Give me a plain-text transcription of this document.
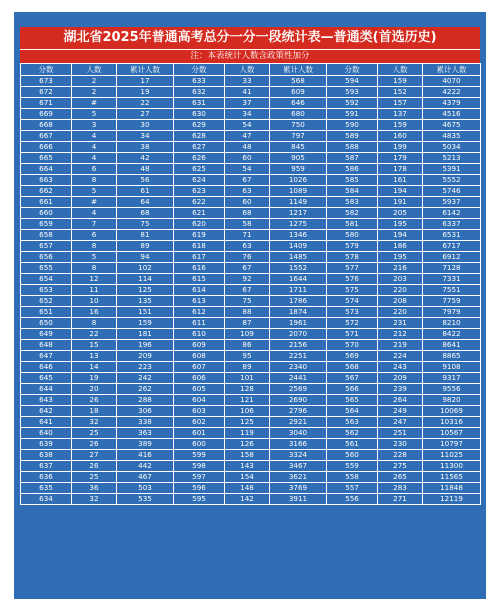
湖北省2025年普通高考总分一分一段统计表—普通类(首选历史)
注：本表统计人数含政策性加分
分数	人数	累计人数	分数	人数	累计人数	分数	人数	累计人数
673	2	17	633	33	568	594	159	4070
672	2	19	632	41	609	593	152	4222
671	#	22	631	37	646	592	157	4379
669	5	27	630	34	680	591	137	4516
668	3	30	629	54	750	590	159	4675
667	4	34	628	47	797	589	160	4835
666	4	38	627	48	845	588	199	5034
665	4	42	626	60	905	587	179	5213
664	6	48	625	54	959	586	178	5391
663	8	56	624	67	1026	585	161	5552
662	5	61	623	63	1089	584	194	5746
661	#	64	622	60	1149	583	191	5937
660	4	68	621	68	1217	582	205	6142
659	7	75	620	58	1275	581	195	6337
658	6	81	619	71	1346	580	194	6531
657	8	89	618	63	1409	579	186	6717
656	5	94	617	76	1485	578	195	6912
655	8	102	616	67	1552	577	216	7128
654	12	114	615	92	1644	576	203	7331
653	11	125	614	67	1711	575	220	7551
652	10	135	613	75	1786	574	208	7759
651	16	151	612	88	1874	573	220	7979
650	8	159	611	87	1961	572	231	8210
649	22	181	610	109	2070	571	212	8422
648	15	196	609	86	2156	570	219	8641
647	13	209	608	95	2251	569	224	8865
646	14	223	607	89	2340	568	243	9108
645	19	242	606	101	2441	567	209	9317
644	20	262	605	128	2569	566	239	9556
643	26	288	604	121	2690	565	264	9820
642	18	306	603	106	2796	564	249	10069
641	32	338	602	125	2921	563	247	10316
640	25	363	601	119	3040	562	251	10567
639	26	389	600	126	3166	561	230	10797
638	27	416	599	158	3324	560	228	11025
637	26	442	598	143	3467	559	275	11300
636	25	467	597	154	3621	558	265	11565
635	36	503	596	148	3769	557	283	11848
634	32	535	595	142	3911	556	271	12119
